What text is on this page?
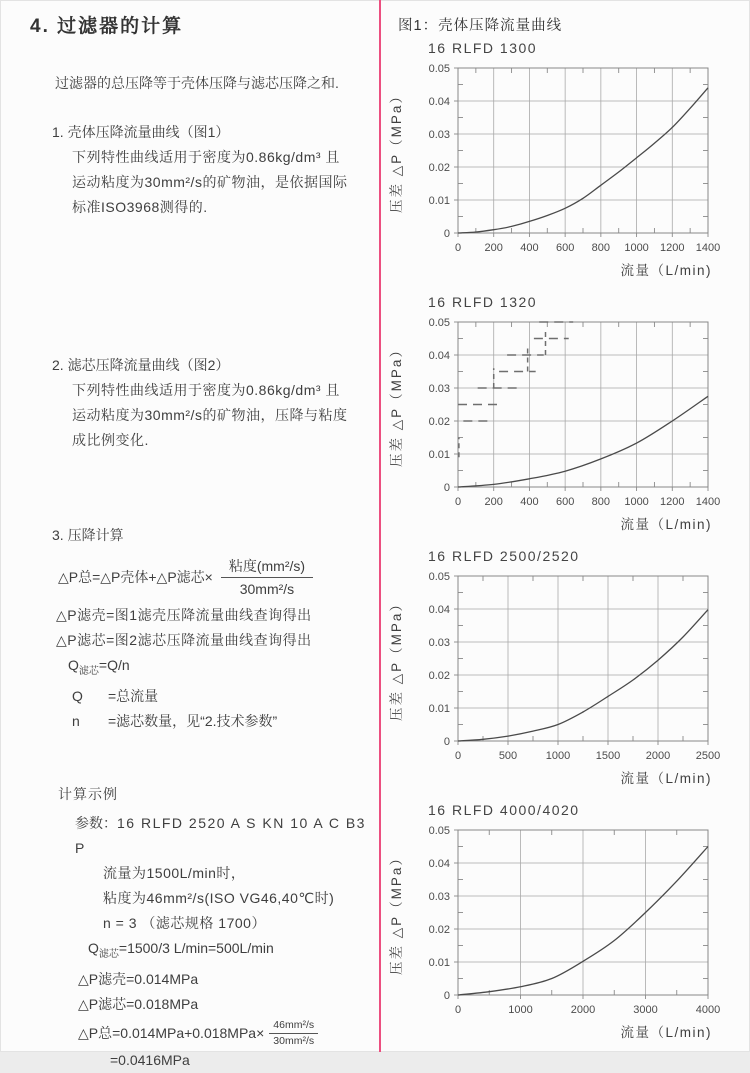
4. 过滤器的计算

过滤器的总压降等于壳体压降与滤芯压降之和.

1. 壳体压降流量曲线（图1）
下列特性曲线适用于密度为0.86kg/dm³ 且
运动粘度为30mm²/s的矿物油，是依据国际
标准ISO3968测得的.
2. 滤芯压降流量曲线（图2）
下列特性曲线适用于密度为0.86kg/dm³ 且
运动粘度为30mm²/s的矿物油，压降与粘度
成比例变化.
3. 压降计算
△P总=△P壳体+△P滤芯× $\frac{\text{粘度(mm²/s)}}{\text{30mm²/s}}$
△P滤壳=图1滤壳压降流量曲线查询得出
△P滤芯=图2滤芯压降流量曲线查询得出
$Q_{滤芯}=Q/n$
Q =总流量
n =滤芯数量，见“2.技术参数”
计算示例
参数：16 RLFD 2520 A S KN 10 A C B3 P
流量为1500L/min时，
粘度为46mm²/s(ISO VG46,40℃时)
n = 3 （滤芯规格 1700）
$Q_{滤芯}=1500/3$ L/min=500L/min
△P滤壳=0.014MPa
△P滤芯=0.018MPa
△P总$=0.014MPa+0.018MPa\times \frac{\text{46mm²/s}}{\text{30mm²/s}}$
=0.0416MPa
图1：壳体压降流量曲线
16 RLFD 1300
0 200 400 600 800 1000 1200 1400
0
0.01
0.02
0.03
0.04
0.05
流量（L/min)
压差 △P（MPa）
16 RLFD 1320
0 200 400 600 800 1000 1200 1400
0
0.01
0.02
0.03
0.04
0.05
流量（L/min)
压差 △P（MPa）
16 RLFD 2500/2520
0	500	1000 1500 2000 2500
0
0.01
0.02
0.03
0.04
0.05
流量（L/min)
压差 △P（MPa）
16 RLFD 4000/4020
0	1000	2000	3000	4000
0
0.01
0.02
0.03
0.04
0.05
流量（L/min)
压差 △P（MPa）
